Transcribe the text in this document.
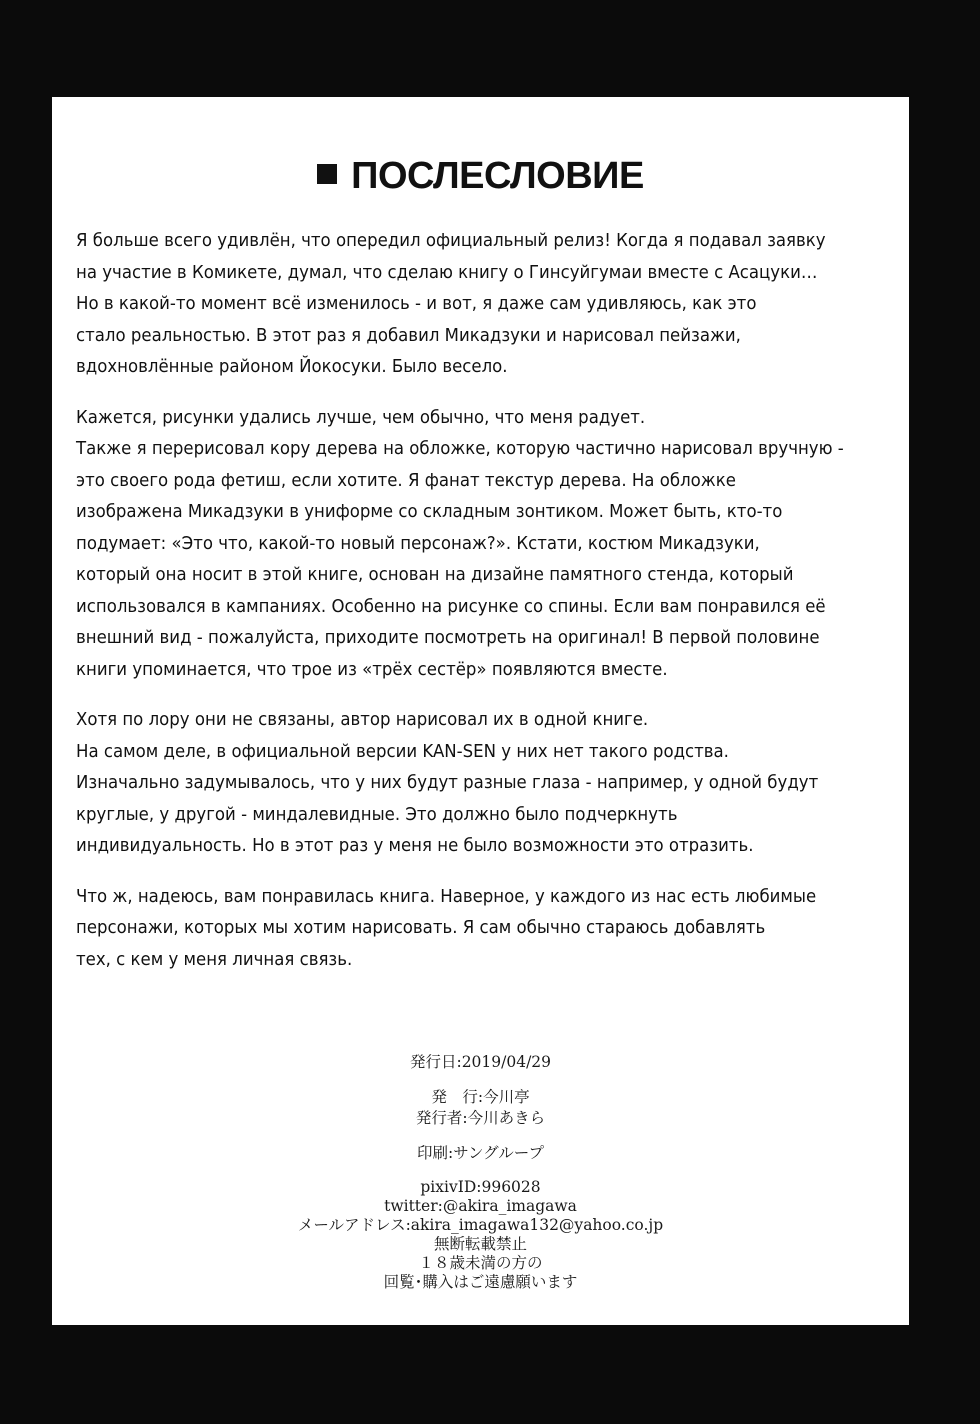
ПОСЛЕСЛОВИЕ

Я больше всего удивлён, что опередил официальный релиз! Когда я подавал заявку
на участие в Комикете, думал, что сделаю книгу о Гинсуйгумаи вместе с Асацуки…
Но в какой-то момент всё изменилось - и вот, я даже сам удивляюсь, как это
стало реальностью. В этот раз я добавил Микадзуки и нарисовал пейзажи,
вдохновлённые районом Йокосуки. Было весело.

Кажется, рисунки удались лучше, чем обычно, что меня радует.
Также я перерисовал кору дерева на обложке, которую частично нарисовал вручную -
это своего рода фетиш, если хотите. Я фанат текстур дерева. На обложке
изображена Микадзуки в униформе со складным зонтиком. Может быть, кто-то
подумает: «Это что, какой-то новый персонаж?». Кстати, костюм Микадзуки,
который она носит в этой книге, основан на дизайне памятного стенда, который
использовался в кампаниях. Особенно на рисунке со спины. Если вам понравился её
внешний вид - пожалуйста, приходите посмотреть на оригинал! В первой половине
книги упоминается, что трое из «трёх сестёр» появляются вместе.

Хотя по лору они не связаны, автор нарисовал их в одной книге.
На самом деле, в официальной версии KAN-SEN у них нет такого родства.
Изначально задумывалось, что у них будут разные глаза - например, у одной будут
круглые, у другой - миндалевидные. Это должно было подчеркнуть
индивидуальность. Но в этот раз у меня не было возможности это отразить.

Что ж, надеюсь, вам понравилась книга. Наверное, у каждого из нас есть любимые
персонажи, которых мы хотим нарисовать. Я сам обычно стараюсь добавлять
тех, с кем у меня личная связь.

発行日:2019/04/29
発　行:今川亭
発行者:今川あきら
印刷:サングループ
pixivID:996028
twitter:@akira_imagawa
メールアドレス:akira_imagawa132@yahoo.co.jp
無断転載禁止
１８歳未満の方の
回覧･購入はご遠慮願います
